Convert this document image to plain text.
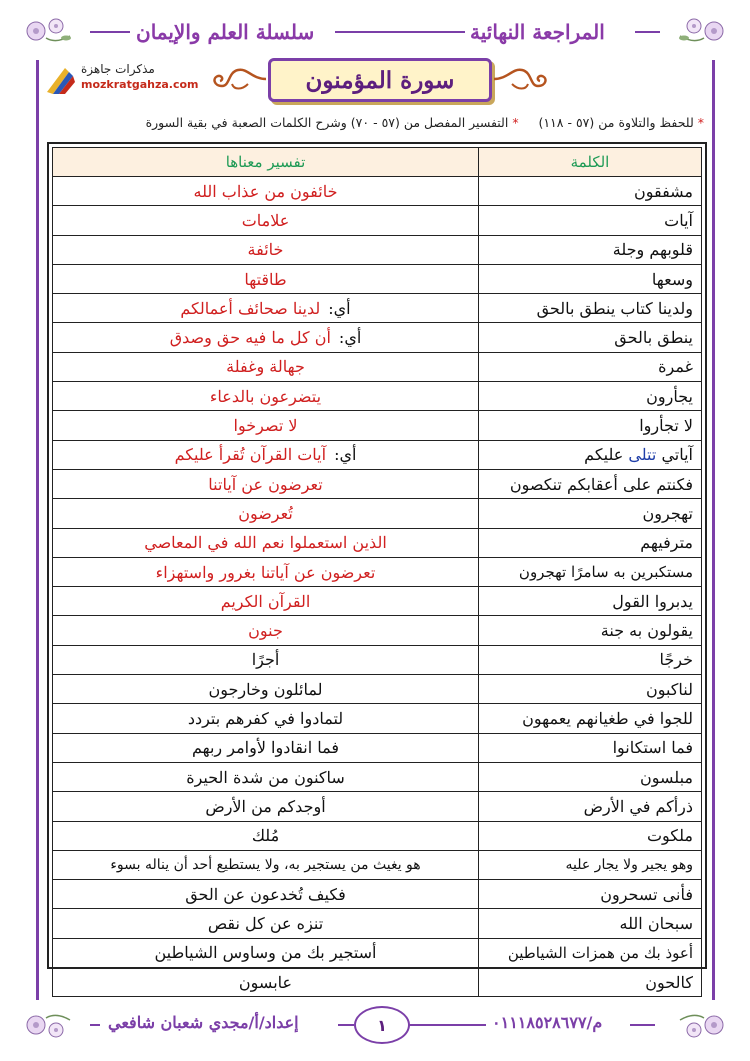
سلسلة العلم والإيمان	المراجعة النهائية
مذكرات جاهزة
mozkratgahza.com	سورة المؤمنون
* للحفظ والتلاوة من (٥٧ - ١١٨)     * التفسير المفصل من (٥٧ - ٧٠) وشرح الكلمات الصعبة في بقية السورة
الكلمة	تفسير معناها
مشفقون	خائفون من عذاب الله
آيات	علامات
قلوبهم وجلة	خائفة
وسعها	طاقتها
ولدينا كتاب ينطق بالحق	أي:لدينا صحائف أعمالكم
ينطق بالحق	أي:أن كل ما فيه حق وصدق
غمرة	جهالة وغفلة
يجأرون	يتضرعون بالدعاء
لا تجأروا	لا تصرخوا
آياتي تتلى عليكم	أي:آيات القرآن تُقرأ عليكم
فكنتم على أعقابكم تنكصون	تعرضون عن آياتنا
تهجرون	تُعرضون
مترفيهم	الذين استعملوا نعم الله في المعاصي
مستكبرين به سامرًا تهجرون	تعرضون عن آياتنا بغرور واستهزاء
يدبروا القول	القرآن الكريم
يقولون به جنة	جنون
خرجًا	أجرًا
لناكبون	لمائلون وخارجون
للجوا في طغيانهم يعمهون	لتمادوا في كفرهم بتردد
فما استكانوا	فما انقادوا لأوامر ربهم
مبلسون	ساكنون من شدة الحيرة
ذرأكم في الأرض	أوجدكم من الأرض
ملكوت	مُلك
وهو يجير ولا يجار عليه	هو يغيث من يستجير به، ولا يستطيع أحد أن يناله بسوء
فأنى تسحرون	فكيف تُخدعون عن الحق
سبحان الله	تنزه عن كل نقص
أعوذ بك من همزات الشياطين	أستجير بك من وساوس الشياطين
كالحون	عابسون
إعداد/أ/مجدي شعبان شافعي	١	م/٠١١١٨٥٢٨٦٧٧
